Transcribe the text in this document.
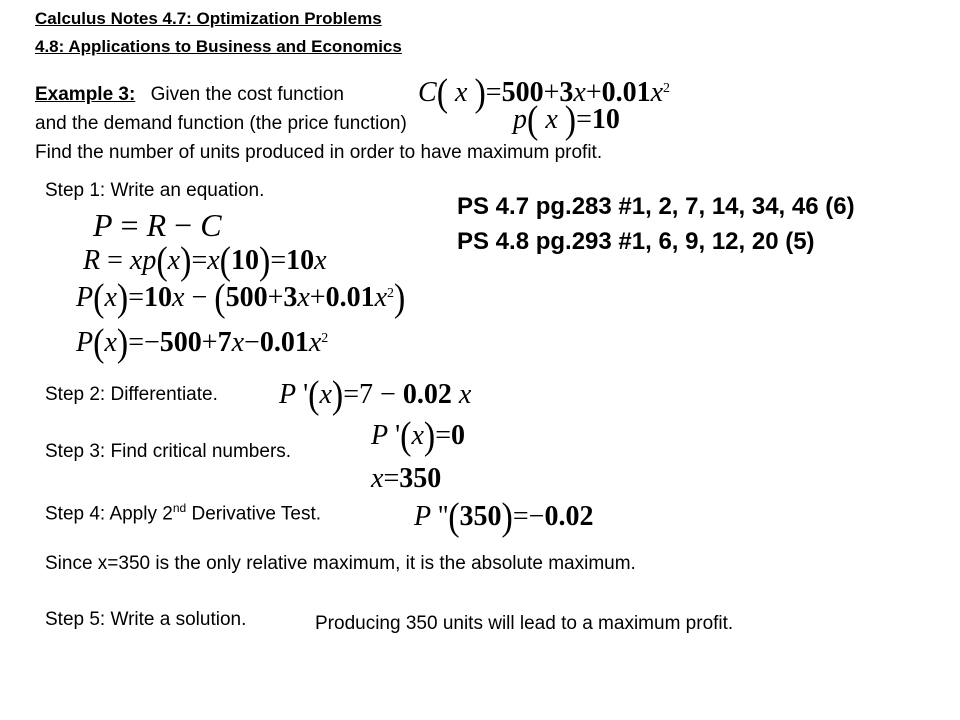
Calculus Notes 4.7: Optimization Problems
4.8: Applications to Business and Economics
Example 3: Given the cost function	C( x )$=500+3x+0.01x^2$
and the demand function (the price function)	p( x )=10
Find the number of units produced in order to have maximum profit.
Step 1: Write an equation.
P = R − C
R = xp(x)=x(10)=10x
$P(x)=10x - (500+3x+0.01x^2)$
$P(x)=-500+7x-0.01x^2$
PS 4.7 pg.283 #1, 2, 7, 14, 34, 46 (6)
PS 4.8 pg.293 #1, 6, 9, 12, 20 (5)
Step 2: Differentiate. P '(x)=7 − 0.02 x
Step 3: Find critical numbers.
P '(x)=0
x=350
Step 4: Apply 2nd Derivative Test.	P ''(350)=−0.02
Since x=350 is the only relative maximum, it is the absolute maximum.
Step 5: Write a solution.	Producing 350 units will lead to a maximum profit.
